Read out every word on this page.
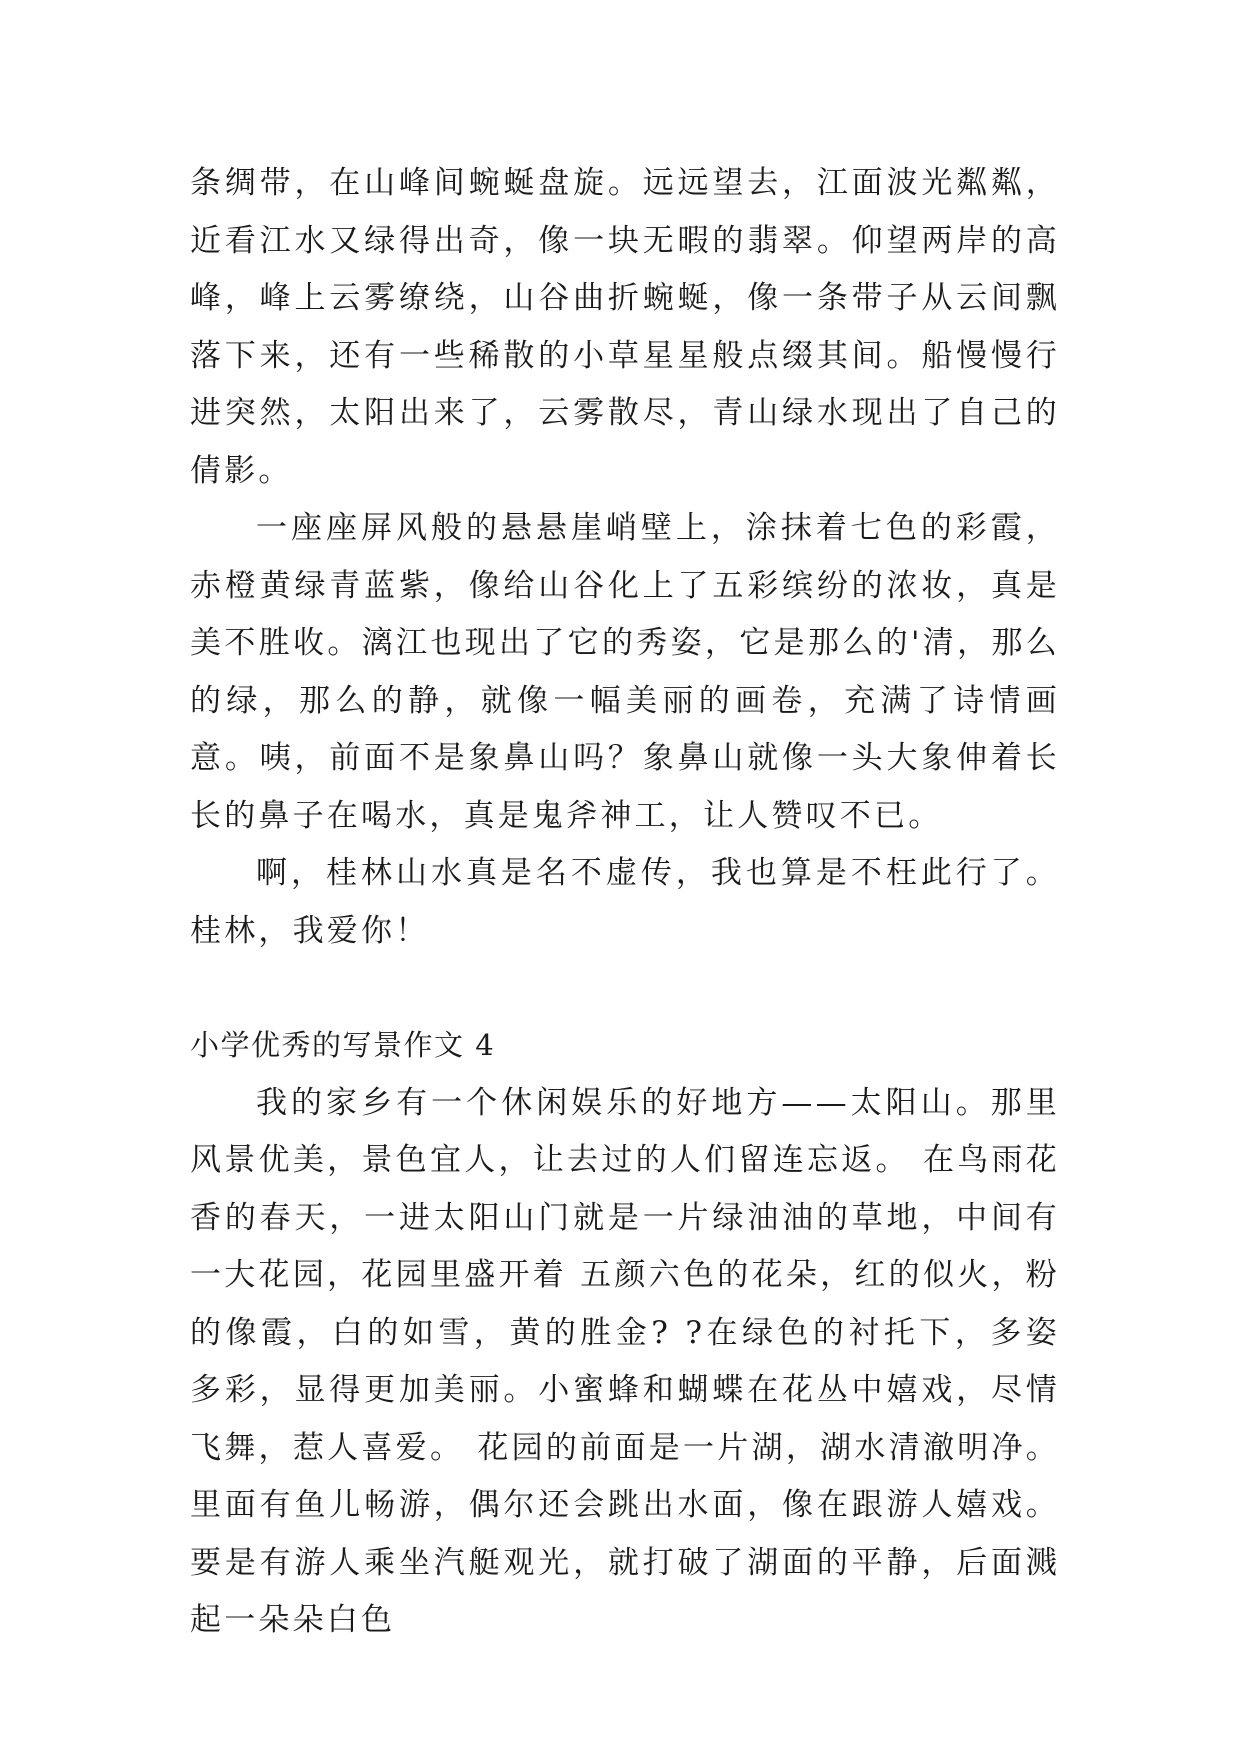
条绸带，在山峰间蜿蜒盘旋。远远望去，江面波光粼粼，近看江水又绿得出奇，像一块无暇的翡翠。仰望两岸的高峰，峰上云雾缭绕，山谷曲折蜿蜒，像一条带子从云间飘落下来，还有一些稀散的小草星星般点缀其间。船慢慢行进突然，太阳出来了，云雾散尽，青山绿水现出了自己的倩影。

一座座屏风般的悬悬崖峭壁上，涂抹着七色的彩霞，赤橙黄绿青蓝紫，像给山谷化上了五彩缤纷的浓妆，真是美不胜收。漓江也现出了它的秀姿，它是那么的'清，那么的绿，那么的静，就像一幅美丽的画卷，充满了诗情画意。咦，前面不是象鼻山吗？象鼻山就像一头大象伸着长长的鼻子在喝水，真是鬼斧神工，让人赞叹不已。

啊，桂林山水真是名不虚传，我也算是不枉此行了。桂林，我爱你！

小学优秀的写景作文 4

我的家乡有一个休闲娱乐的好地方——太阳山。那里风景优美，景色宜人，让去过的人们留连忘返。 在鸟雨花香的春天，一进太阳山门就是一片绿油油的草地，中间有一大花园，花园里盛开着 五颜六色的花朵，红的似火，粉的像霞，白的如雪，黄的胜金? ?在绿色的衬托下，多姿多彩，显得更加美丽。小蜜蜂和蝴蝶在花丛中嬉戏，尽情飞舞，惹人喜爱。 花园的前面是一片湖，湖水清澈明净。里面有鱼儿畅游，偶尔还会跳出水面，像在跟游人嬉戏。要是有游人乘坐汽艇观光，就打破了湖面的平静，后面溅起一朵朵白色
